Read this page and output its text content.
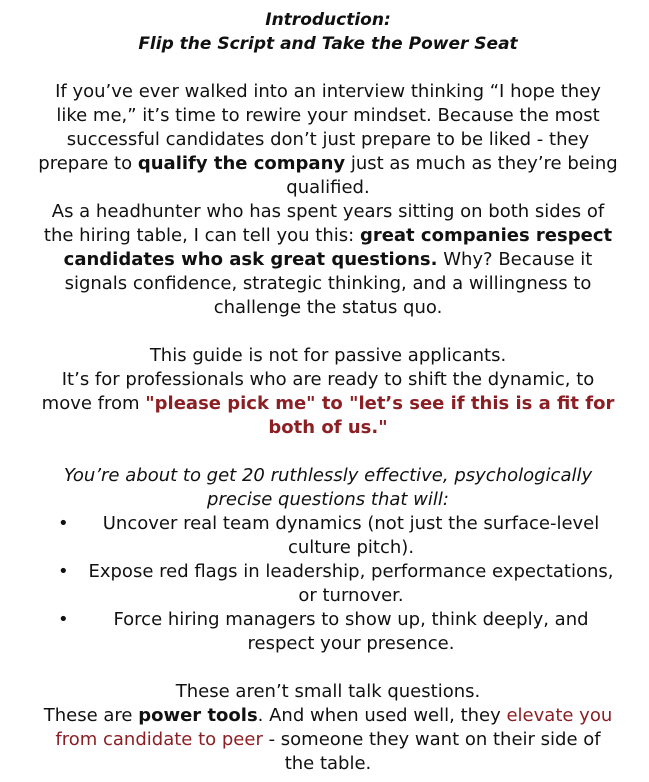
Introduction:
Flip the Script and Take the Power Seat

If you’ve ever walked into an interview thinking “I hope they like me,” it’s time to rewire your mindset. Because the most successful candidates don’t just prepare to be liked - they prepare to qualify the company just as much as they’re being qualified.

As a headhunter who has spent years sitting on both sides of the hiring table, I can tell you this: great companies respect candidates who ask great questions. Why? Because it signals confidence, strategic thinking, and a willingness to challenge the status quo.

This guide is not for passive applicants.
It’s for professionals who are ready to shift the dynamic, to move from "please pick me" to "let’s see if this is a fit for both of us."

You’re about to get 20 ruthlessly effective, psychologically precise questions that will:

•	Uncover real team dynamics (not just the surface-level culture pitch).
•	Expose red flags in leadership, performance expectations, or turnover.
•	Force hiring managers to show up, think deeply, and respect your presence.

These aren’t small talk questions.
These are power tools. And when used well, they elevate you from candidate to peer - someone they want on their side of the table.
